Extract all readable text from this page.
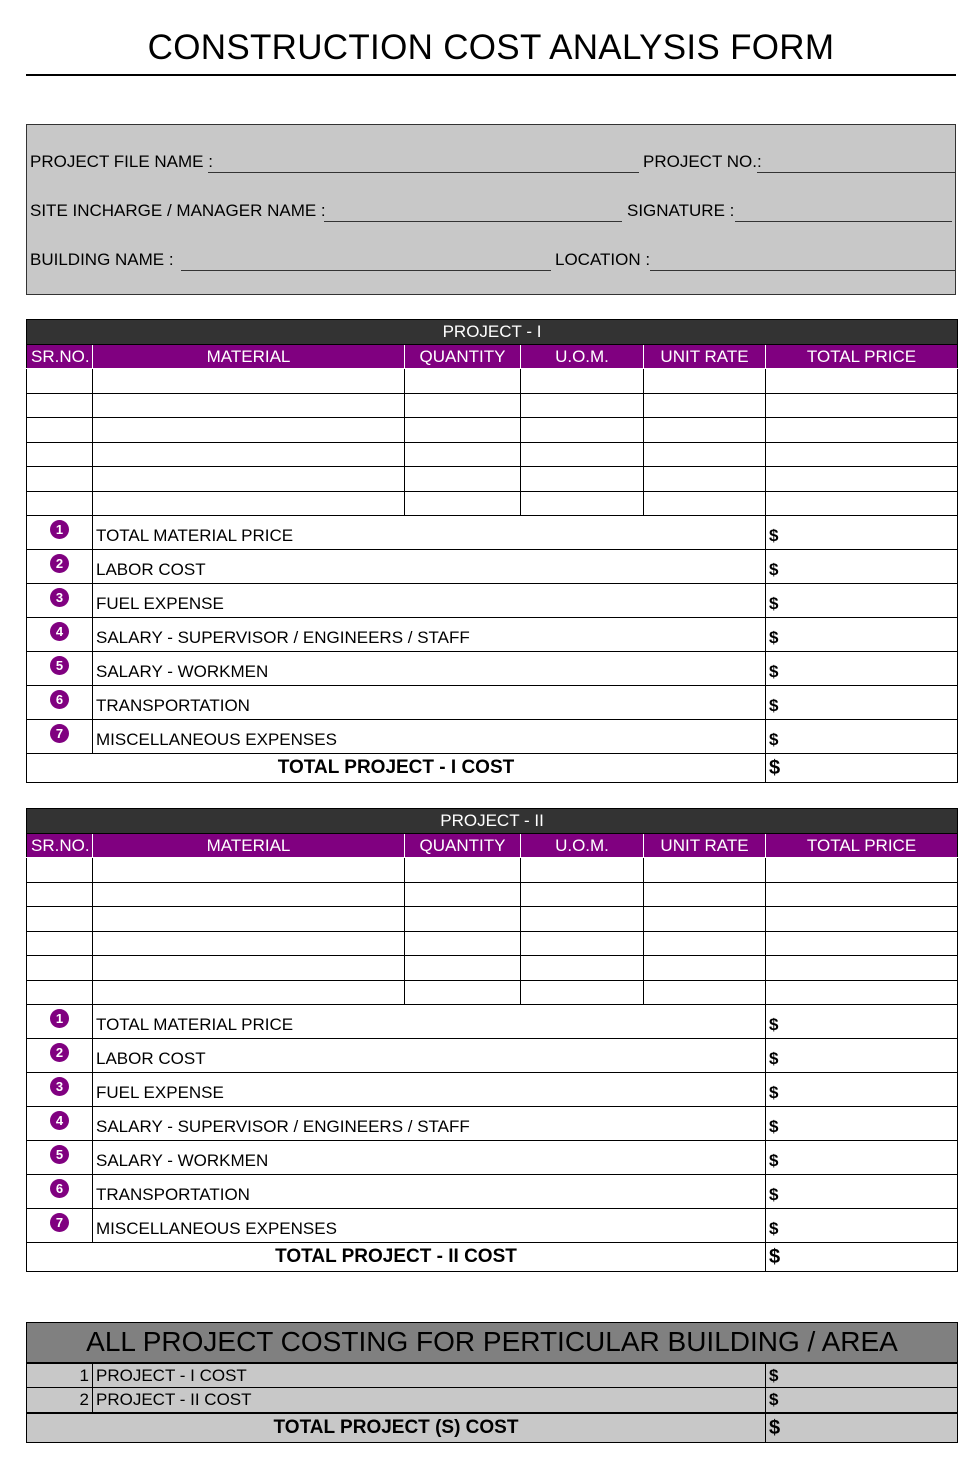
CONSTRUCTION COST ANALYSIS FORM
PROJECT FILE NAME :	PROJECT NO.:
SITE INCHARGE / MANAGER NAME :	SIGNATURE :
BUILDING NAME :	LOCATION :
PROJECT - I					
SR.NO.	MATERIAL	QUANTITY	U.O.M.	UNIT RATE	TOTAL PRICE

1	TOTAL MATERIAL PRICE				$
2	LABOR COST				$
3	FUEL EXPENSE				$
4	SALARY - SUPERVISOR / ENGINEERS / STAFF				$
5	SALARY - WORKMEN				$
6	TRANSPORTATION				$
7	MISCELLANEOUS EXPENSES				$
TOTAL PROJECT - I COST					$
PROJECT - II					
SR.NO.	MATERIAL	QUANTITY	U.O.M.	UNIT RATE	TOTAL PRICE

1	TOTAL MATERIAL PRICE				$
2	LABOR COST				$
3	FUEL EXPENSE				$
4	SALARY - SUPERVISOR / ENGINEERS / STAFF				$
5	SALARY - WORKMEN				$
6	TRANSPORTATION				$
7	MISCELLANEOUS EXPENSES				$
TOTAL PROJECT - II COST					$
ALL PROJECT COSTING FOR PERTICULAR BUILDING / AREA		
1	PROJECT - I COST	$
2	PROJECT - II COST	$
TOTAL PROJECT (S) COST		$
